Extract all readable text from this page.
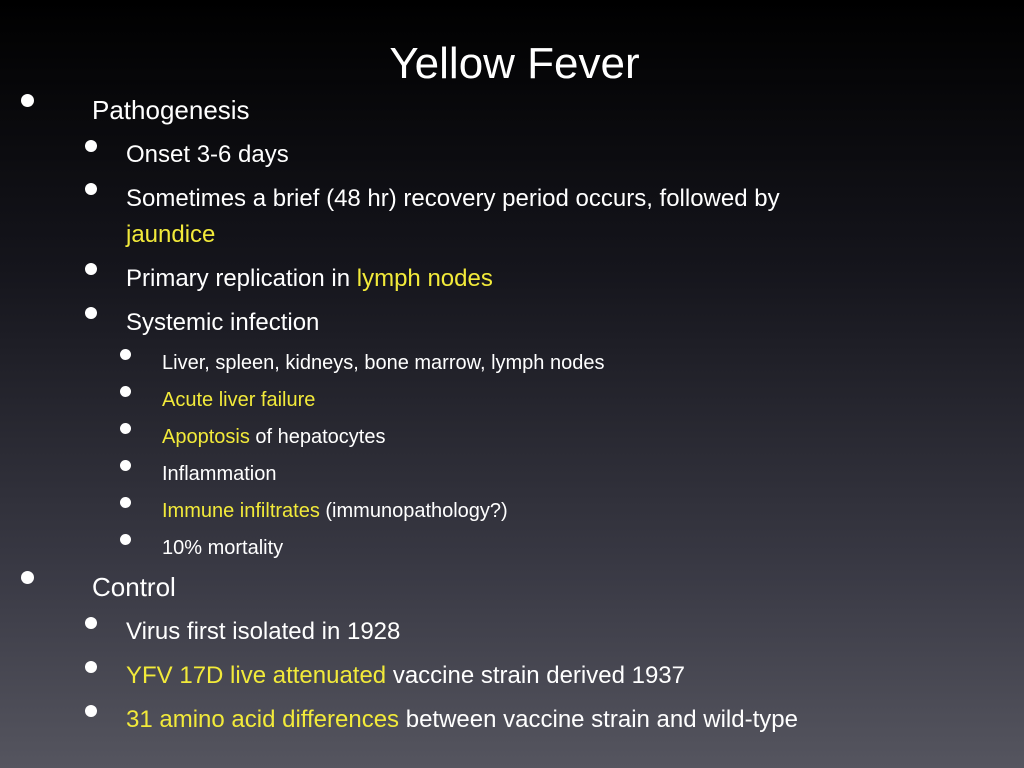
Yellow Fever
Pathogenesis
Onset 3-6 days
Sometimes a brief (48 hr) recovery period occurs, followed by
jaundice
Primary replication in lymph nodes
Systemic infection
Liver, spleen, kidneys, bone marrow, lymph nodes
Acute liver failure
Apoptosis of hepatocytes
Inflammation
Immune infiltrates (immunopathology?)
10% mortality
Control
Virus first isolated in 1928
YFV 17D live attenuated vaccine strain derived 1937
31 amino acid differences between vaccine strain and wild-type
